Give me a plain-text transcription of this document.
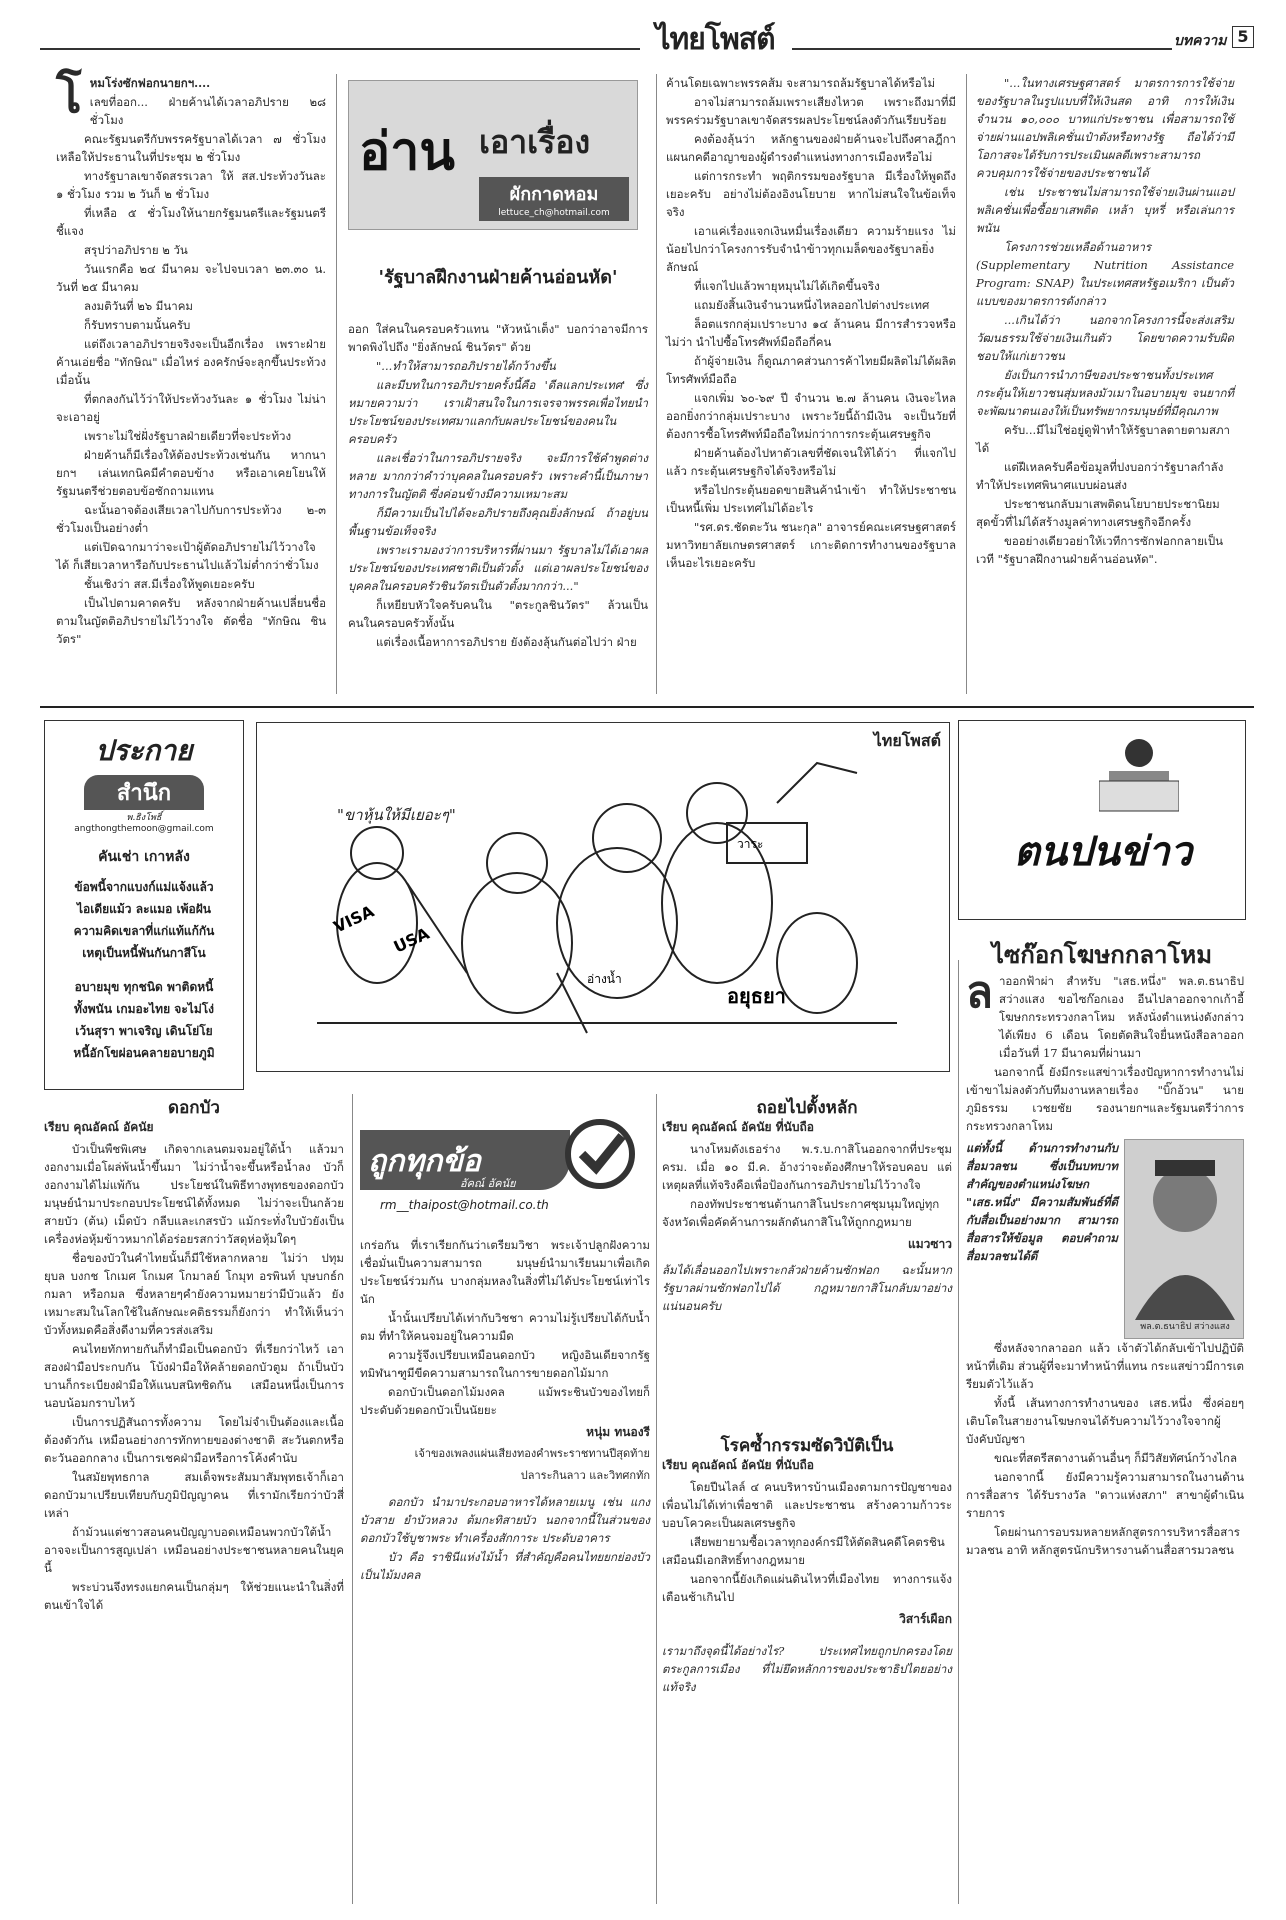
ไทยโพสต์	บทความ 5
โ หมโร่งซักฟอกนายกฯ....

เลขที่ออก... ฝ่ายค้านได้เวลาอภิปราย ๒๘ ชั่วโมง

คณะรัฐมนตรีกับพรรครัฐบาลได้เวลา ๗ ชั่วโมง เหลือให้ประธานในที่ประชุม ๒ ชั่วโมง

ทางรัฐบาลเขาจัดสรรเวลา ให้ สส.ประท้วงวันละ ๑ ชั่วโมง รวม ๒ วันก็ ๒ ชั่วโมง

ที่เหลือ ๕ ชั่วโมงให้นายกรัฐมนตรีและรัฐมนตรีชี้แจง

สรุปว่าอภิปราย ๒ วัน

วันแรกคือ ๒๔ มีนาคม จะไปจบเวลา ๒๓.๓๐ น. วันที่ ๒๕ มีนาคม

ลงมติวันที่ ๒๖ มีนาคม

ก็รับทราบตามนั้นครับ

แต่ถึงเวลาอภิปรายจริงจะเป็นอีกเรื่อง เพราะฝ่ายค้านเอ่ยชื่อ "ทักษิณ" เมื่อไหร่ องครักษ์จะลุกขึ้นประท้วงเมื่อนั้น

ที่ตกลงกันไว้ว่าให้ประท้วงวันละ ๑ ชั่วโมง ไม่น่าจะเอาอยู่

เพราะไม่ใช่ฝั่งรัฐบาลฝ่ายเดียวที่จะประท้วง

ฝ่ายค้านก็มีเรื่องให้ต้องประท้วงเช่นกัน หากนายกฯ เล่นเทกนิคมีคำตอบข้าง หรือเอาเคยโยนให้รัฐมนตรีช่วยตอบข้อซักถามแทน

ฉะนั้นอาจต้องเสียเวลาไปกับการประท้วง ๒-๓ ชั่วโมงเป็นอย่างต่ำ

แต่เปิดฉากมาว่าจะเป้าผู้ตัดอภิปรายไม่ไว้วางใจ ได้ ก็เสียเวลาหารือกับประธานไปแล้วไม่ต่ำกว่าชั่วโมง

ชั้นเชิงว่า สส.มีเรื่องให้พูดเยอะครับ

เป็นไปตามคาดครับ หลังจากฝ่ายค้านเปลี่ยนชื่อตามในญัตติอภิปรายไม่ไว้วางใจ ตัดชื่อ "ทักษิณ ชินวัตร"

อ่าน เอาเรื่อง
ผักกาดหอม
lettuce_ch@hotmail.com
'รัฐบาลฝึกงานฝ่ายค้านอ่อนหัด'

ออก ใส่คนในครอบครัวแทน "หัวหน้าเต็ง" บอกว่าอาจมีการพาดพิงไปถึง "ยิ่งลักษณ์ ชินวัตร" ด้วย

"...ทำให้สามารถอภิปรายได้กว้างขึ้น

และมีบทในการอภิปรายครั้งนี้คือ 'ดีลแลกประเทศ' ซึ่งหมายความว่า เราเฝ้าสนใจในการเจรจาพรรคเพื่อไทยนำประโยชน์ของประเทศมาแลกกับผลประโยชน์ของคนในครอบครัว

และเชื่อว่าในการอภิปรายจริง จะมีการใช้คำพูดต่างหลาย มากกว่าคำว่าบุคคลในครอบครัว เพราะคำนี้เป็นภาษาทางการในญัตติ ซึ่งค่อนข้างมีความเหมาะสม

ก็มีความเป็นไปได้จะอภิปรายถึงคุณยิ่งลักษณ์ ถ้าอยู่บนพื้นฐานข้อเท็จจริง

เพราะเรามองว่าการบริหารที่ผ่านมา รัฐบาลไม่ได้เอาผลประโยชน์ของประเทศชาติเป็นตัวตั้ง แต่เอาผลประโยชน์ของบุคคลในครอบครัวชินวัตรเป็นตัวตั้งมากกว่า..."

ก็เหยียบหัวใจครับคนใน "ตระกูลชินวัตร" ล้วนเป็นคนในครอบครัวทั้งนั้น

แต่เรื่องเนื้อหาการอภิปราย ยังต้องลุ้นกันต่อไปว่า ฝ่าย

ค้านโดยเฉพาะพรรคส้ม จะสามารถล้มรัฐบาลได้หรือไม่

อาจไม่สามารถล้มเพราะเสียงไหวต เพราะถึงมาที่มีพรรคร่วมรัฐบาลเขาจัดสรรผลประโยชน์ลงตัวกันเรียบร้อย

คงต้องลุ้นว่า หลักฐานของฝ่ายค้านจะไปถึงศาลฎีกาแผนกคดีอาญาของผู้ดำรงตำแหน่งทางการเมืองหรือไม่

แต่การกระทำ พฤติกรรมของรัฐบาล มีเรื่องให้พูดถึงเยอะครับ อย่างไม่ต้องอิงนโยบาย หากไม่สนใจในข้อเท็จจริง

เอาแค่เรื่องแจกเงินหมื่นเรื่องเดียว ความร้ายแรง ไม่น้อยไปกว่าโครงการรับจำนำข้าวทุกเมล็ดของรัฐบาลยิ่งลักษณ์

ที่แจกไปแล้วพายุหมุนไม่ได้เกิดขึ้นจริง

แถมยังสิ้นเงินจำนวนหนึ่งไหลออกไปต่างประเทศ

ล็อตแรกกลุ่มเปราะบาง ๑๔ ล้านคน มีการสำรวจหรือไม่ว่า นำไปซื้อโทรศัพท์มือถือกี่คน

ถ้าผู้จ่ายเงิน ก็ดูณภาคส่วนการค้าไทยมีผลิตไม่ได้ผลิตโทรศัพท์มือถือ

แจกเพิ่ม ๖๐-๖๙ ปี จำนวน ๒.๗ ล้านคน เงินจะไหลออกยิ่งกว่ากลุ่มเปราะบาง เพราะวัยนี้ถ้ามีเงิน จะเป็นวัยที่ต้องการซื้อโทรศัพท์มือถือใหม่กว่าการกระตุ้นเศรษฐกิจ

ฝ่ายค้านต้องไปหาตัวเลขที่ชัดเจนให้ได้ว่า ที่แจกไปแล้ว กระตุ้นเศรษฐกิจได้จริงหรือไม่

หรือไปกระตุ้นยอดขายสินค้านำเข้า ทำให้ประชาชนเป็นหนี้เพิ่ม ประเทศไม่ได้อะไร

"รศ.ดร.ชัดตะวัน ชนะกุล" อาจารย์คณะเศรษฐศาสตร์ มหาวิทยาลัยเกษตรศาสตร์ เกาะติดการทำงานของรัฐบาลเห็นอะไรเยอะครับ

"...ในทางเศรษฐศาสตร์ มาตรการการใช้จ่ายของรัฐบาลในรูปแบบที่ให้เงินสด อาทิ การให้เงินจำนวน ๑๐,๐๐๐ บาทแก่ประชาชน เพื่อสามารถใช้จ่ายผ่านแอปพลิเคชั่นเป๋าตังหรือทางรัฐ ถือได้ว่ามีโอกาสจะได้รับการประเมินผลดีเพราะสามารถควบคุมการใช้จ่ายของประชาชนได้

เช่น ประชาชนไม่สามารถใช้จ่ายเงินผ่านแอปพลิเคชั่นเพื่อซื้อยาเสพติด เหล้า บุหรี่ หรือเล่นการพนัน

โครงการช่วยเหลือด้านอาหาร (Supplementary Nutrition Assistance Program: SNAP) ในประเทศสหรัฐอเมริกา เป็นตัวแบบของมาตรการดังกล่าว

...เกินได้ว่า นอกจากโครงการนี้จะส่งเสริมวัฒนธรรมใช้จ่ายเงินเกินตัว โดยขาดความรับผิดชอบให้แก่เยาวชน

ยังเป็นการนำภาษีของประชาชนทั้งประเทศกระตุ้นให้เยาวชนสุ่มหลงมัวเมาในอบายมุข จนยากที่จะพัฒนาตนเองให้เป็นทรัพยากรมนุษย์ที่มีคุณภาพ

ครับ...มีไม่ใช่อยู่ดูฟ้าทำให้รัฐบาลตายตามสภาได้

แต่ฝีเหลครับคือข้อมูลที่ปงบอกว่ารัฐบาลกำลังทำให้ประเทศพินาศแบบผ่อนส่ง

ประชาชนกลับมาเสพติดนโยบายประชานิยมสุดขั้วที่ไม่ได้สร้างมูลค่าทางเศรษฐกิจอีกครั้ง

ขออย่างเดียวอย่าให้เวทีการซักฟอกกลายเป็นเวที "รัฐบาลฝึกงานฝ่ายค้านอ่อนหัด".

ประกาย
สำนึก
พ.ธิงโพธิ์
angthongthemoon@gmail.com
คันเช่า เกาหลัง
ข้อพนี้จากแบงก์แม่แจ้งแล้ว
ไอเดียแม้ว ละแมอ เพ้อฝัน
ความคิดเขลาที่แก่แท้แก้กัน
เหตุเป็นหนี้พันกันกาสีโน
อบายมุข ทุกชนิด พาติดหนี้
ทั้งพนัน เกมอะไทย จะไม่โง่
เว้นสุรา พาเจริญ เดินโย่โย
หนี้อักโขผ่อนคลายอบายภูมิ
ไทยโพสต์
"ขาหุ้นให้มีเยอะๆ"
อยุธยา
VISA
USA
วาระ
อ่างน้ำ
ตนปนข่าว
ไซก๊อกโฆษกกลาโหม
ดอกบัว
เรียบ คุณอัคณ์ อัคนัย

บัวเป็นพืชพิเศษ เกิดจากเลนตมจมอยู่ใต้น้ำ แล้วมางอกงามเมื่อโผล่พ้นน้ำขึ้นมา ไม่ว่าน้ำจะขึ้นหรือน้ำลง บัวก็งอกงามได้ไม่แพ้กัน ประโยชน์ในพิธีทางพุทธของดอกบัว มนุษย์นำมาประกอบประโยชน์ได้ทั้งหมด ไม่ว่าจะเป็นกล้วย สายบัว (ต้น) เม็ดบัว กลีบและเกสรบัว แม้กระทั่งใบบัวยังเป็นเครื่องห่อหุ้มข้าวหมากได้อร่อยรสกว่าวัสดุห่อหุ้มใดๆ

ชื่อของบัวในคำไทยนั้นก็มีใช้หลากหลาย ไม่ว่า ปทุม ยุบล บงกช โกเมศ โกเมศ โกมาลย์ โกมุท อรพินท์ บุษบกธ์ก กมลา หรือกมล ซึ่งหลายๆคำยังความหมายว่ามีบัวแล้ว ยังเหมาะสมในโลกใช้ในลักษณะคติธรรมก็ยังกว่า ทำให้เห็นว่าบัวทั้งหมดคือสิ่งดีงามที่ควรส่งเสริม

คนไทยทักทายกันก็ทำมือเป็นดอกบัว ที่เรียกว่าไหว้ เอาสองฝ่ามือประกบกัน โบ้งฝ่ามือให้คล้ายดอกบัวตูม ถ้าเป็นบัวบานก็กระเบียงฝ่ามือให้แนบสนิทชิดกัน เสมือนหนึ่งเป็นการนอบน้อมกราบไหว้

เป็นการปฏิสันถารทั้งความ โดยไม่จำเป็นต้องและเนื้อต้องตัวกัน เหมือนอย่างการทักทายของต่างชาติ สะวันตกหรือตะวันออกกลาง เป็นการเชคฝ่ามือหรือการโค้งคำนับ

ในสมัยพุทธกาล สมเด็จพระสัมมาสัมพุทธเจ้าก็เอาดอกบัวมาเปรียบเทียบกับภูมิปัญญาคน ที่เรามักเรียกว่าบัวสี่เหล่า

ถ้าม้วนแต่ชาวสอนคนปัญญาบอดเหมือนพวกบัวใต้น้ำอาจจะเป็นการสูญเปล่า เหมือนอย่างประชาชนหลายคนในยุคนี้

พระบ่วนจึงทรงแยกคนเป็นกลุ่มๆ ให้ช่วยแนะนำในสิ่งที่ตนเข้าใจได้

ถูกทุกข้อ
อัคณ์ อัคนัย
rm__thaipost@hotmail.co.th

เกร่อกัน ที่เราเรียกกันว่าเตรียมวิชา พระเจ้าปลูกฝังความเชื่อมั่นเป็นความสามารถ มนุษย์นำมาเรียนมาเพื่อเกิดประโยชน์ร่วมกัน บางกลุ่มหลงในสิ่งที่ไม่ได้ประโยชน์เท่าไรนัก

น้ำนั้นเปรียบได้เท่ากับวิชชา ความไม่รู้เปรียบได้กับน้ำตม ที่ทำให้คนจมอยู่ในความมืด

ความรู้จึงเปรียบเหมือนดอกบัว หญิงอินเดียจากรัฐทมิฬนาฑูมีขีดความสามารถในการขายดอกไม้มาก

ดอกบัวเป็นดอกไม้มงคล แม้พระชินบัวของไทยก็ประดับด้วยดอกบัวเป็นนัยยะ

หนุ่ม ทนองรี
เจ้าของเพลงแผ่นเสียงทองคำพระราชทานปีสุดท้าย
ปลาระกินลาว และวิทศกทัก

ดอกบัว นำมาประกอบอาหารได้หลายเมนู เช่น แกงบัวสาย ยำบัวหลวง ต้มกะทิสายบัว นอกจากนี้ในส่วนของดอกบัวใช้บูชาพระ ทำเครื่องสักการะ ประดับอาคาร

บัว คือ ราชินีแห่งไม้น้ำ ที่สำคัญคือคนไทยยกย่องบัวเป็นไม้มงคล

ถอยไปตั้งหลัก
เรียบ คุณอัคณ์ อัคนัย ที่นับถือ

นางโหมดังเธอร่าง พ.ร.บ.กาสิโนออกจากที่ประชุม ครม. เมื่อ ๑๐ มี.ค. อ้างว่าจะต้องศึกษาให้รอบคอบ แต่เหตุผลที่แท้จริงคือเพื่อป้องกันการอภิปรายไม่ไว้วางใจ

กองทัพประชาชนต้านกาสิโนประกาศชุมนุมใหญ่ทุกจังหวัดเพื่อคัดค้านการผลักดันกาสิโนให้ถูกกฎหมาย

แมวซาว

ล้มได้เลื่อนออกไปเพราะกลัวฝ่ายค้านซักฟอก ฉะนั้นหากรัฐบาลผ่านซักฟอกไปได้ กฎหมายกาสิโนกลับมาอย่างแน่นอนครับ

โรคซ้ำกรรมซัดวิบัติเป็น
เรียบ คุณอัคณ์ อัคนัย ที่นับถือ

โดยปีนไลล์ ๔ คนบริหารบ้านเมืองตามการปัญชาของเพื่อนไม่ได้เท่าเพื่อชาติ และประชาชน สร้างความก้าวระบอบโควคะเป็นผลเศรษฐกิจ

เสียพยายามซื้อเวลาทุกองค์กรมีให้ตัดสินคดีโคตรชิน เสมือนมีเอกสิทธิ์ทางกฎหมาย

นอกจากนี้ยังเกิดแผ่นดินไหวที่เมืองไทย ทางการแจ้งเตือนช้าเกินไป

วิสาร์เผือก

เรามาถึงจุดนี้ได้อย่างไร? ประเทศไทยถูกปกครองโดยตระกูลการเมือง ที่ไม่ยึดหลักการของประชาธิปไตยอย่างแท้จริง

ล าออกฟ้าผ่า สำหรับ "เสธ.หนึ่ง" พล.ต.ธนาธิป สว่างแสง ขอไซก๊อกเอง อีนไปลาออกจากเก้าอี้โฆษกกระทรวงกลาโหม หลังนั่งตำแหน่งดังกล่าวได้เพียง 6 เดือน โดยตัดสินใจยื่นหนังสือลาออกเมื่อวันที่ 17 มีนาคมที่ผ่านมา

นอกจากนี้ ยังมีกระแสข่าวเรื่องปัญหาการทำงานไม่เข้าขาไม่ลงตัวกับทีมงานหลายเรื่อง "บิ๊กอ้วน" นายภูมิธรรม เวชยชัย รองนายกฯและรัฐมนตรีว่าการกระทรวงกลาโหม

แต่ทั้งนี้ ด้านการทำงานกับสื่อมวลชน ซึ่งเป็นบทบาทสำคัญของตำแหน่งโฆษก "เสธ.หนึ่ง" มีความสัมพันธ์ที่ดีกับสื่อเป็นอย่างมาก สามารถสื่อสารให้ข้อมูล ตอบคำถามสื่อมวลชนได้ดี

พล.ต.ธนาธิป สว่างแสง

ซึ่งหลังจากลาออก แล้ว เจ้าตัวได้กลับเข้าไปปฏิบัติหน้าที่เดิม ส่วนผู้ที่จะมาทำหน้าที่แทน กระแสข่าวมีการเตรียมตัวไว้แล้ว

ทั้งนี้ เส้นทางการทำงานของ เสธ.หนึ่ง ซึ่งค่อยๆ เติบโตในสายงานโฆษกจนได้รับความไว้วางใจจากผู้บังคับบัญชา

ขณะที่สตรีสตางานด้านอื่นๆ ก็มีวิสัยทัศน์กว้างไกล

นอกจากนี้ ยังมีความรู้ความสามารถในงานด้านการสื่อสาร ได้รับรางวัล "ดาวแห่งสภา" สาขาผู้ดำเนินรายการ

โดยผ่านการอบรมหลายหลักสูตรการบริหารสื่อสารมวลชน อาทิ หลักสูตรนักบริหารงานด้านสื่อสารมวลชน
